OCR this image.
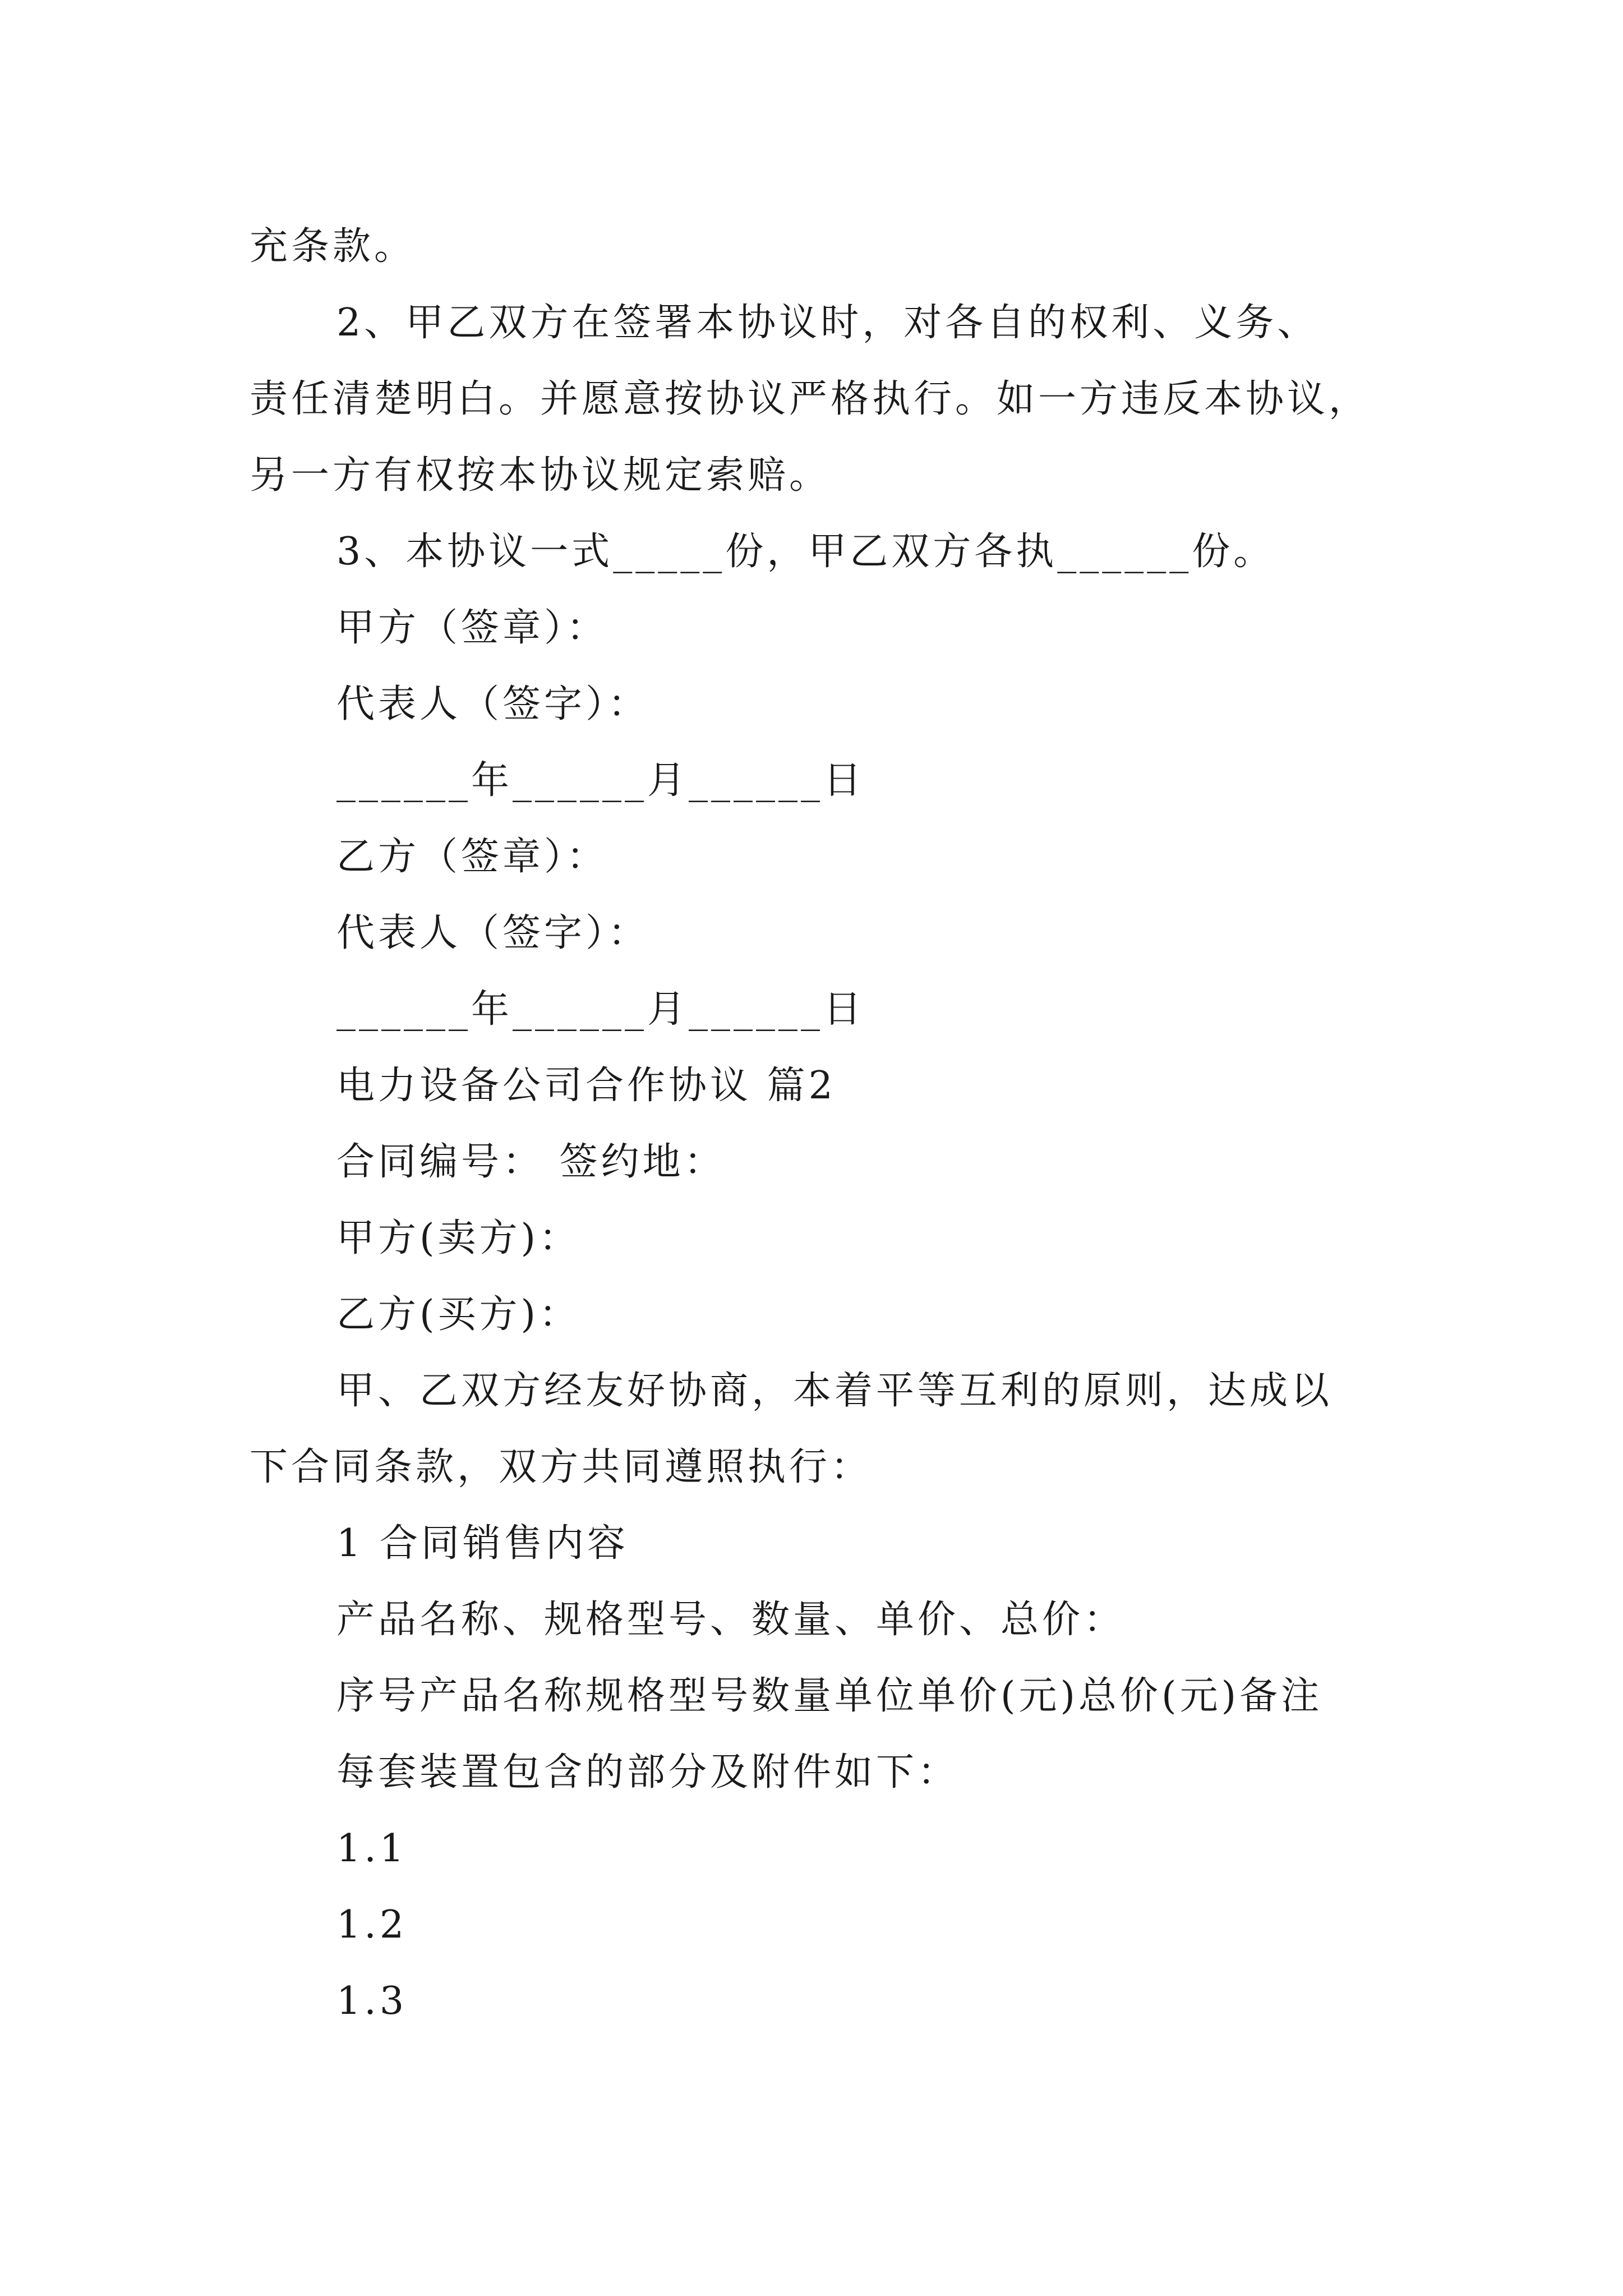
充条款。
2、甲乙双方在签署本协议时，对各自的权利、义务、
责任清楚明白。并愿意按协议严格执行。如一方违反本协议，
另一方有权按本协议规定索赔。
3、本协议一式_____份，甲乙双方各执______份。
甲方（签章）：
代表人（签字）：
______年______月______日
乙方（签章）：
代表人（签字）：
______年______月______日
电力设备公司合作协议 篇2
合同编号： 签约地：
甲方(卖方)：
乙方(买方)：
甲、乙双方经友好协商，本着平等互利的原则，达成以
下合同条款，双方共同遵照执行：
1 合同销售内容
产品名称、规格型号、数量、单价、总价：
序号产品名称规格型号数量单位单价(元)总价(元)备注
每套装置包含的部分及附件如下：
1.1
1.2
1.3
